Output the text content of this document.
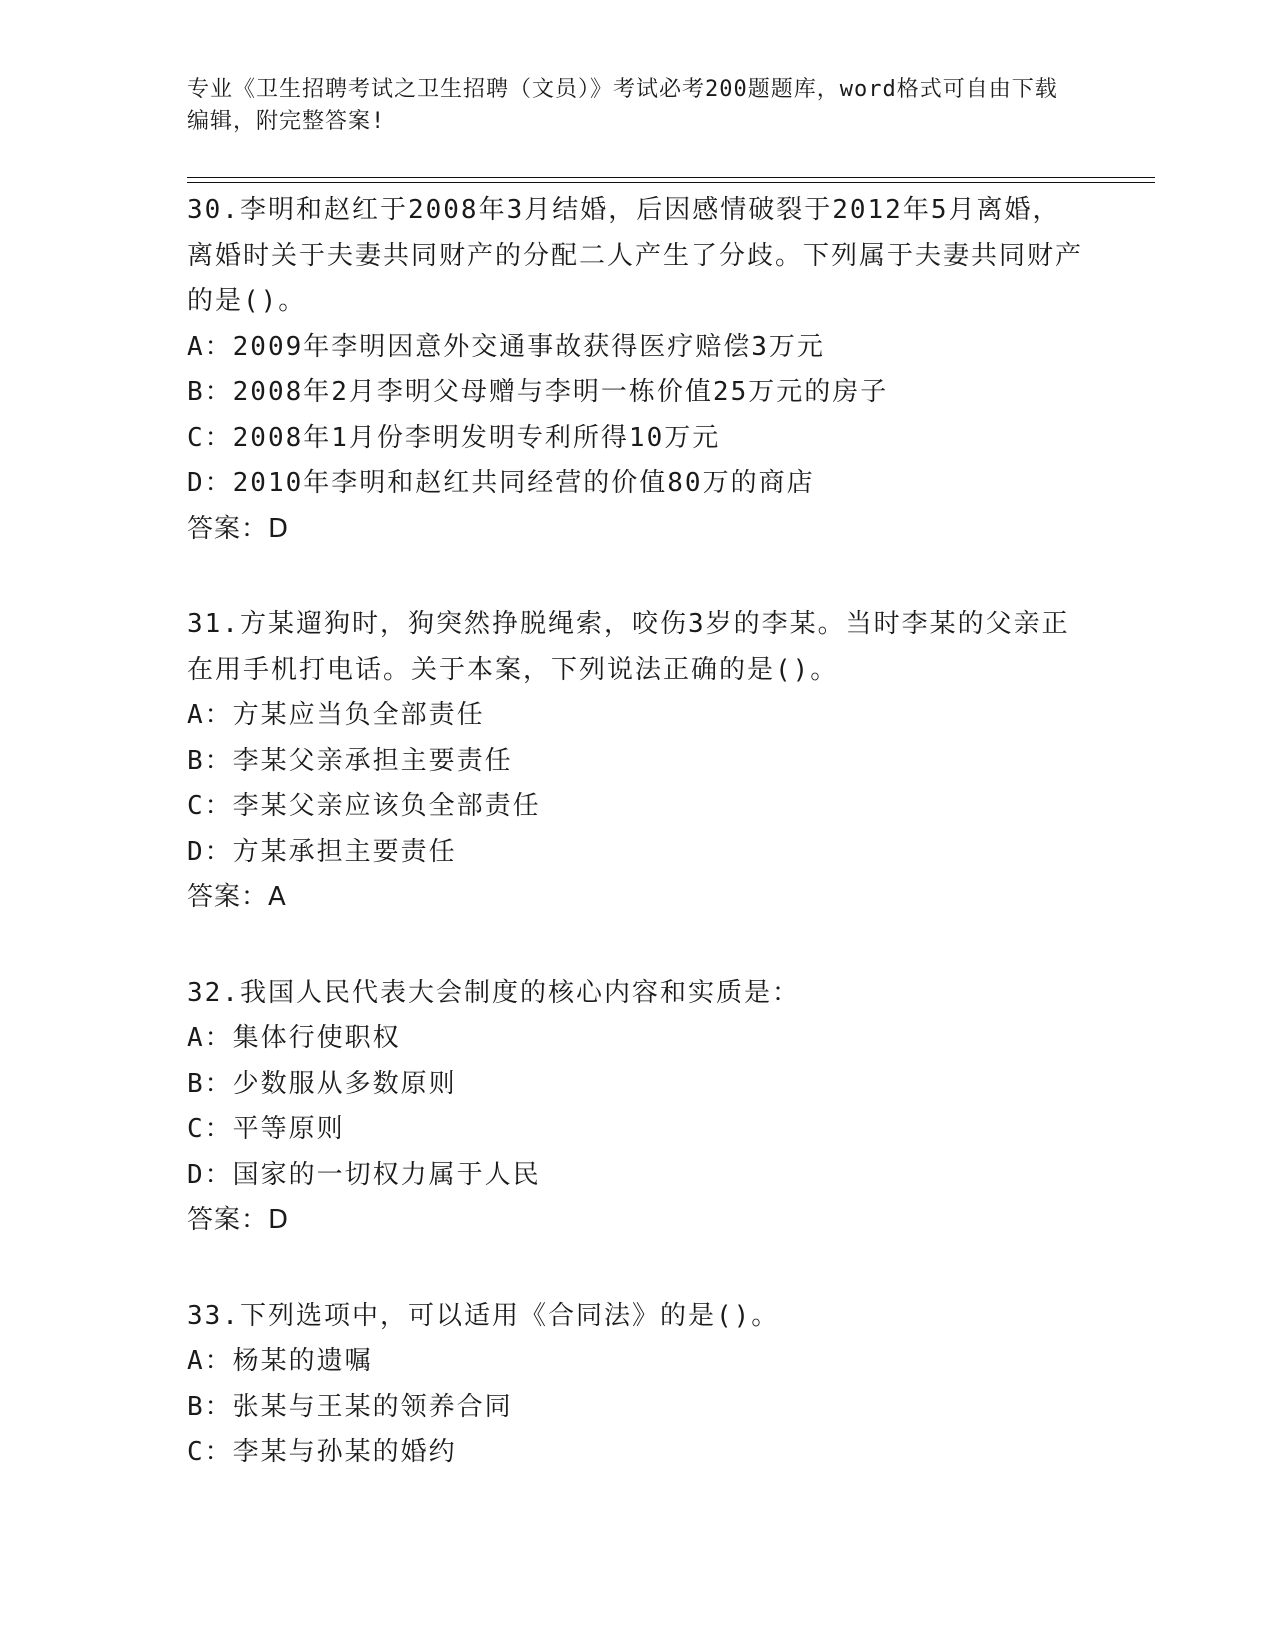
专业《卫生招聘考试之卫生招聘（文员）》考试必考200题题库，word格式可自由下载编辑，附完整答案!
30.李明和赵红于2008年3月结婚，后因感情破裂于2012年5月离婚，离婚时关于夫妻共同财产的分配二人产生了分歧。下列属于夫妻共同财产的是()。
A：2009年李明因意外交通事故获得医疗赔偿3万元
B：2008年2月李明父母赠与李明一栋价值25万元的房子
C：2008年1月份李明发明专利所得10万元
D：2010年李明和赵红共同经营的价值80万的商店
答案：D
31.方某遛狗时，狗突然挣脱绳索，咬伤3岁的李某。当时李某的父亲正在用手机打电话。关于本案，下列说法正确的是()。
A：方某应当负全部责任
B：李某父亲承担主要责任
C：李某父亲应该负全部责任
D：方某承担主要责任
答案：A
32.我国人民代表大会制度的核心内容和实质是：
A：集体行使职权
B：少数服从多数原则
C：平等原则
D：国家的一切权力属于人民
答案：D
33.下列选项中，可以适用《合同法》的是()。
A：杨某的遗嘱
B：张某与王某的领养合同
C：李某与孙某的婚约
